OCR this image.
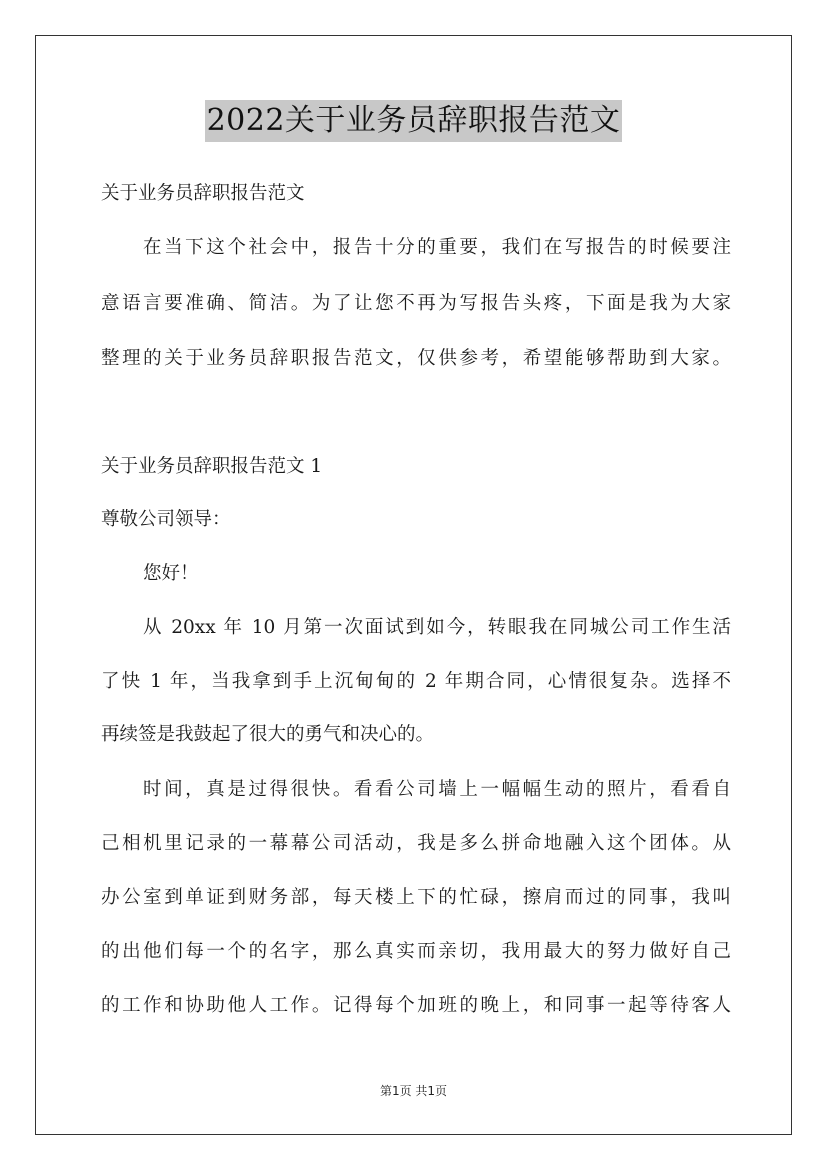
2022关于业务员辞职报告范文
关于业务员辞职报告范文
在当下这个社会中，报告十分的重要，我们在写报告的时候要注
意语言要准确、简洁。为了让您不再为写报告头疼，下面是我为大家
整理的关于业务员辞职报告范文，仅供参考，希望能够帮助到大家。
关于业务员辞职报告范文 1
尊敬公司领导：
您好！
从 20xx 年 10 月第一次面试到如今，转眼我在同城公司工作生活
了快 1 年，当我拿到手上沉甸甸的 2 年期合同，心情很复杂。选择不
再续签是我鼓起了很大的勇气和决心的。
时间，真是过得很快。看看公司墙上一幅幅生动的照片，看看自
己相机里记录的一幕幕公司活动，我是多么拼命地融入这个团体。从
办公室到单证到财务部，每天楼上下的忙碌，擦肩而过的同事，我叫
的出他们每一个的名字，那么真实而亲切，我用最大的努力做好自己
的工作和协助他人工作。记得每个加班的晚上，和同事一起等待客人
第1页 共1页
